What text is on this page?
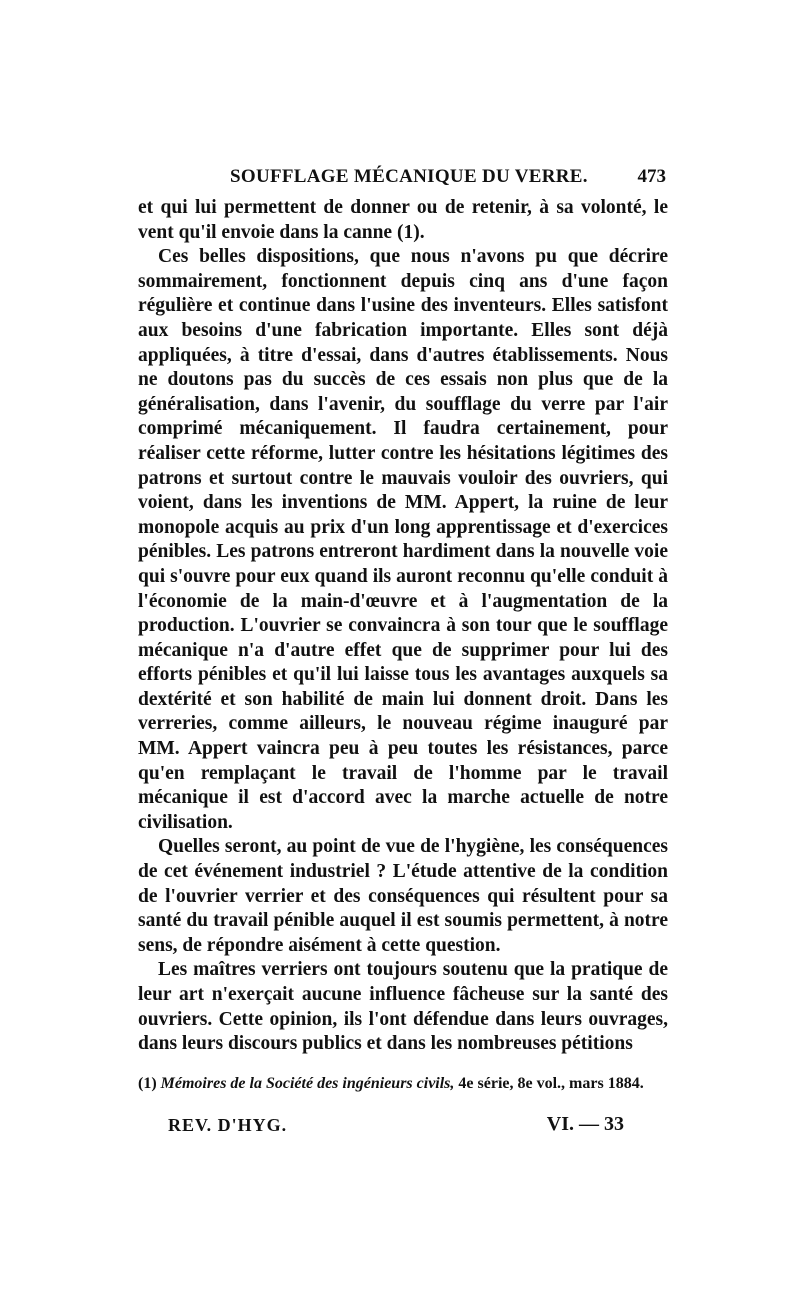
SOUFFLAGE MÉCANIQUE DU VERRE.	473

et qui lui permettent de donner ou de retenir, à sa volonté, le vent qu'il envoie dans la canne (1).

Ces belles dispositions, que nous n'avons pu que décrire sommairement, fonctionnent depuis cinq ans d'une façon régulière et continue dans l'usine des inventeurs. Elles satisfont aux besoins d'une fabrication importante. Elles sont déjà appliquées, à titre d'essai, dans d'autres établissements. Nous ne doutons pas du succès de ces essais non plus que de la généralisation, dans l'avenir, du soufflage du verre par l'air comprimé mécaniquement. Il faudra certainement, pour réaliser cette réforme, lutter contre les hésitations légitimes des patrons et surtout contre le mauvais vouloir des ouvriers, qui voient, dans les inventions de MM. Appert, la ruine de leur monopole acquis au prix d'un long apprentissage et d'exercices pénibles. Les patrons entreront hardiment dans la nouvelle voie qui s'ouvre pour eux quand ils auront reconnu qu'elle conduit à l'économie de la main-d'œuvre et à l'augmentation de la production. L'ouvrier se convaincra à son tour que le soufflage mécanique n'a d'autre effet que de supprimer pour lui des efforts pénibles et qu'il lui laisse tous les avantages auxquels sa dextérité et son habilité de main lui donnent droit. Dans les verreries, comme ailleurs, le nouveau régime inauguré par MM. Appert vaincra peu à peu toutes les résistances, parce qu'en remplaçant le travail de l'homme par le travail mécanique il est d'accord avec la marche actuelle de notre civilisation.

Quelles seront, au point de vue de l'hygiène, les conséquences de cet événement industriel ? L'étude attentive de la condition de l'ouvrier verrier et des conséquences qui résultent pour sa santé du travail pénible auquel il est soumis permettent, à notre sens, de répondre aisément à cette question.

Les maîtres verriers ont toujours soutenu que la pratique de leur art n'exerçait aucune influence fâcheuse sur la santé des ouvriers. Cette opinion, ils l'ont défendue dans leurs ouvrages, dans leurs discours publics et dans les nombreuses pétitions

(1) Mémoires de la Société des ingénieurs civils, 4e série, 8e vol., mars 1884.
REV. D'HYG.	VI. — 33
